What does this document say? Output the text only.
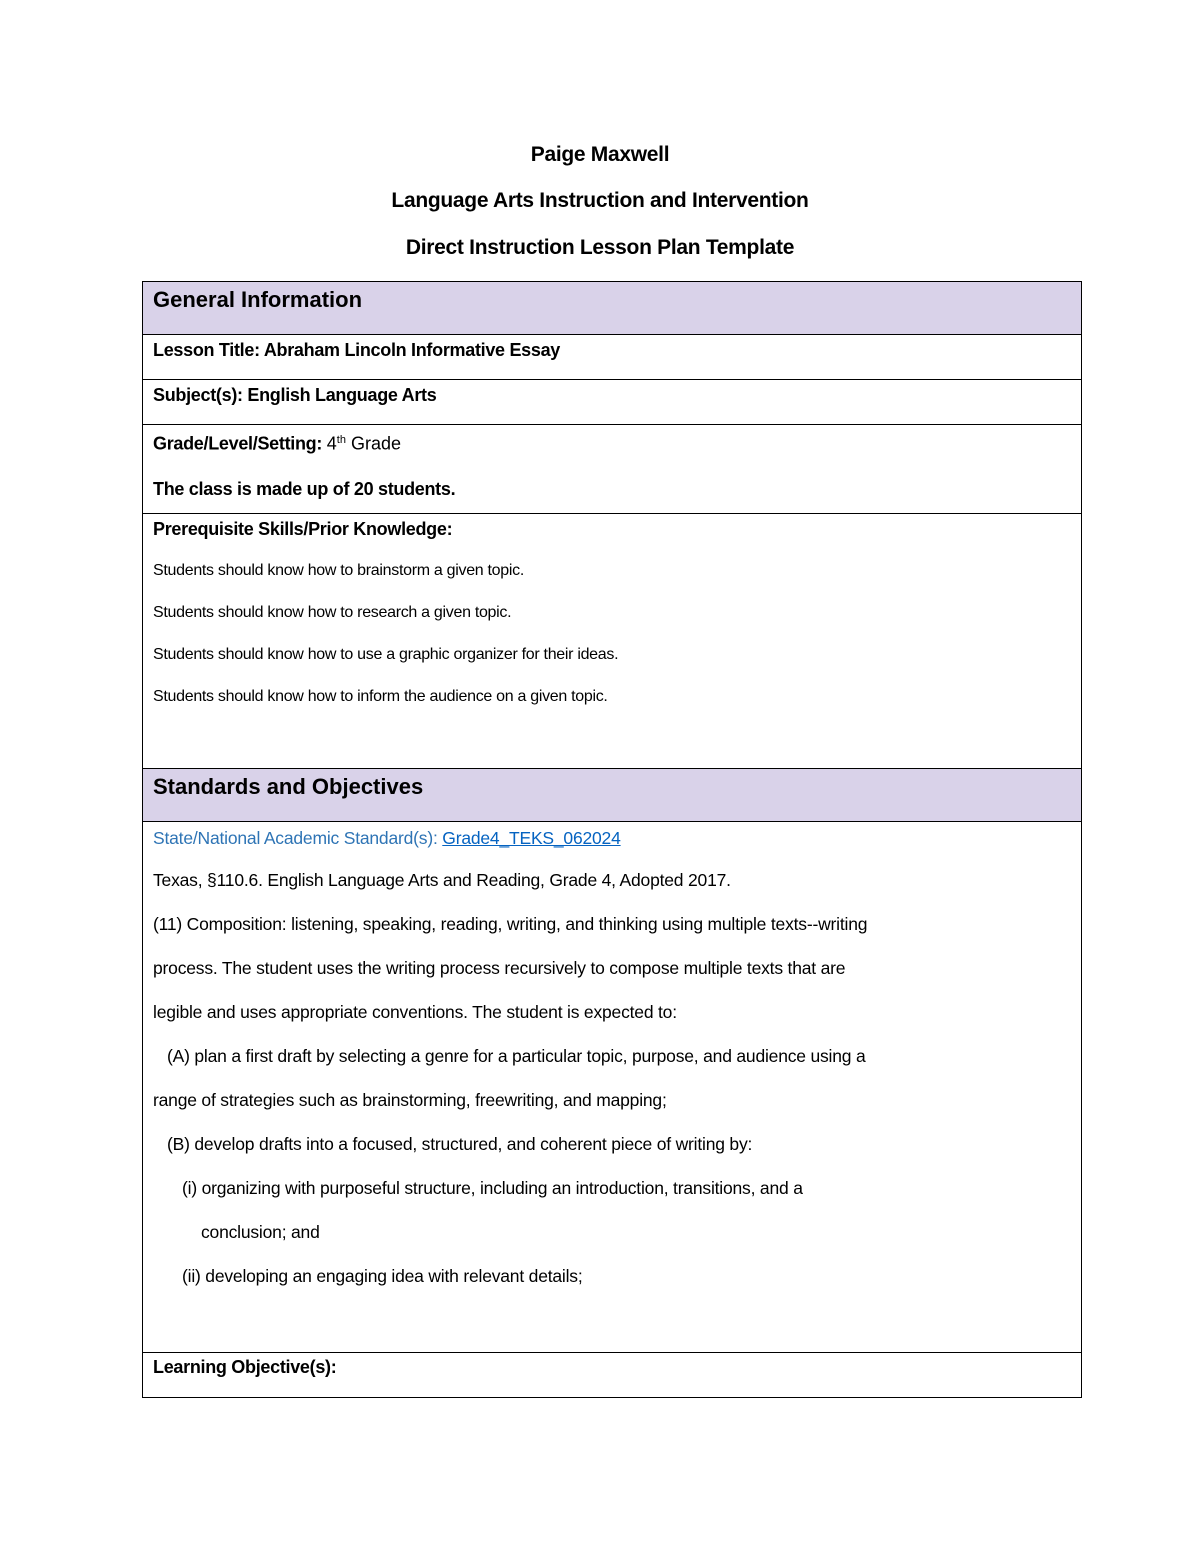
Paige Maxwell
Language Arts Instruction and Intervention
Direct Instruction Lesson Plan Template
General Information

Lesson Title: Abraham Lincoln Informative Essay

Subject(s): English Language Arts

Grade/Level/Setting: 4th Grade
The class is made up of 20 students.

Prerequisite Skills/Prior Knowledge:
Students should know how to brainstorm a given topic.
Students should know how to research a given topic.
Students should know how to use a graphic organizer for their ideas.
Students should know how to inform the audience on a given topic.

Standards and Objectives

State/National Academic Standard(s): Grade4_TEKS_062024
Texas, §110.6. English Language Arts and Reading, Grade 4, Adopted 2017.
(11) Composition: listening, speaking, reading, writing, and thinking using multiple texts--writing
process. The student uses the writing process recursively to compose multiple texts that are
legible and uses appropriate conventions. The student is expected to:
(A) plan a first draft by selecting a genre for a particular topic, purpose, and audience using a
range of strategies such as brainstorming, freewriting, and mapping;
(B) develop drafts into a focused, structured, and coherent piece of writing by:
(i) organizing with purposeful structure, including an introduction, transitions, and a
conclusion; and
(ii) developing an engaging idea with relevant details;

Learning Objective(s):
